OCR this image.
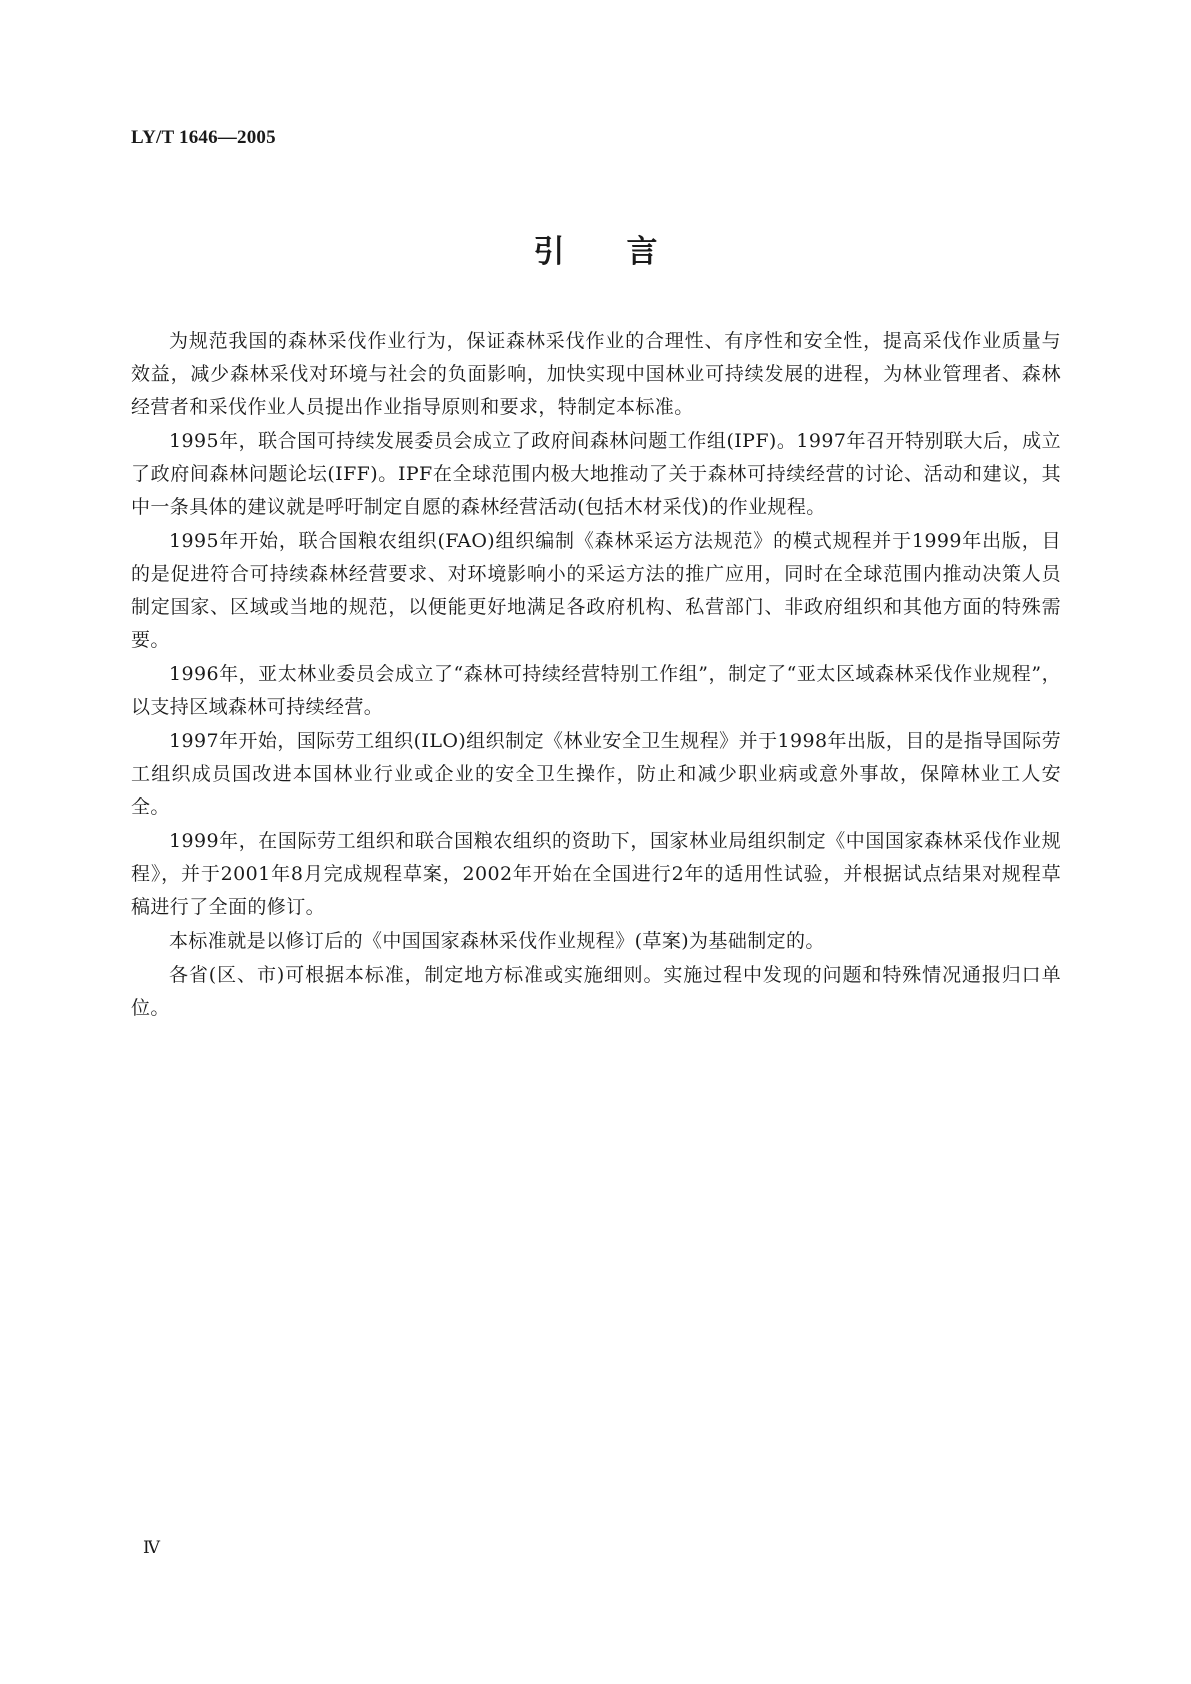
LY/T 1646—2005
引言

为规范我国的森林采伐作业行为，保证森林采伐作业的合理性、有序性和安全性，提高采伐作业质量与效益，减少森林采伐对环境与社会的负面影响，加快实现中国林业可持续发展的进程，为林业管理者、森林经营者和采伐作业人员提出作业指导原则和要求，特制定本标准。

1995年，联合国可持续发展委员会成立了政府间森林问题工作组(IPF)。1997年召开特别联大后，成立了政府间森林问题论坛(IFF)。IPF在全球范围内极大地推动了关于森林可持续经营的讨论、活动和建议，其中一条具体的建议就是呼吁制定自愿的森林经营活动(包括木材采伐)的作业规程。

1995年开始，联合国粮农组织(FAO)组织编制《森林采运方法规范》的模式规程并于1999年出版，目的是促进符合可持续森林经营要求、对环境影响小的采运方法的推广应用，同时在全球范围内推动决策人员制定国家、区域或当地的规范，以便能更好地满足各政府机构、私营部门、非政府组织和其他方面的特殊需要。

1996年，亚太林业委员会成立了“森林可持续经营特别工作组”，制定了“亚太区域森林采伐作业规程”，以支持区域森林可持续经营。

1997年开始，国际劳工组织(ILO)组织制定《林业安全卫生规程》并于1998年出版，目的是指导国际劳工组织成员国改进本国林业行业或企业的安全卫生操作，防止和减少职业病或意外事故，保障林业工人安全。

1999年，在国际劳工组织和联合国粮农组织的资助下，国家林业局组织制定《中国国家森林采伐作业规程》，并于2001年8月完成规程草案，2002年开始在全国进行2年的适用性试验，并根据试点结果对规程草稿进行了全面的修订。

本标准就是以修订后的《中国国家森林采伐作业规程》(草案)为基础制定的。

各省(区、市)可根据本标准，制定地方标准或实施细则。实施过程中发现的问题和特殊情况通报归口单位。

Ⅳ
